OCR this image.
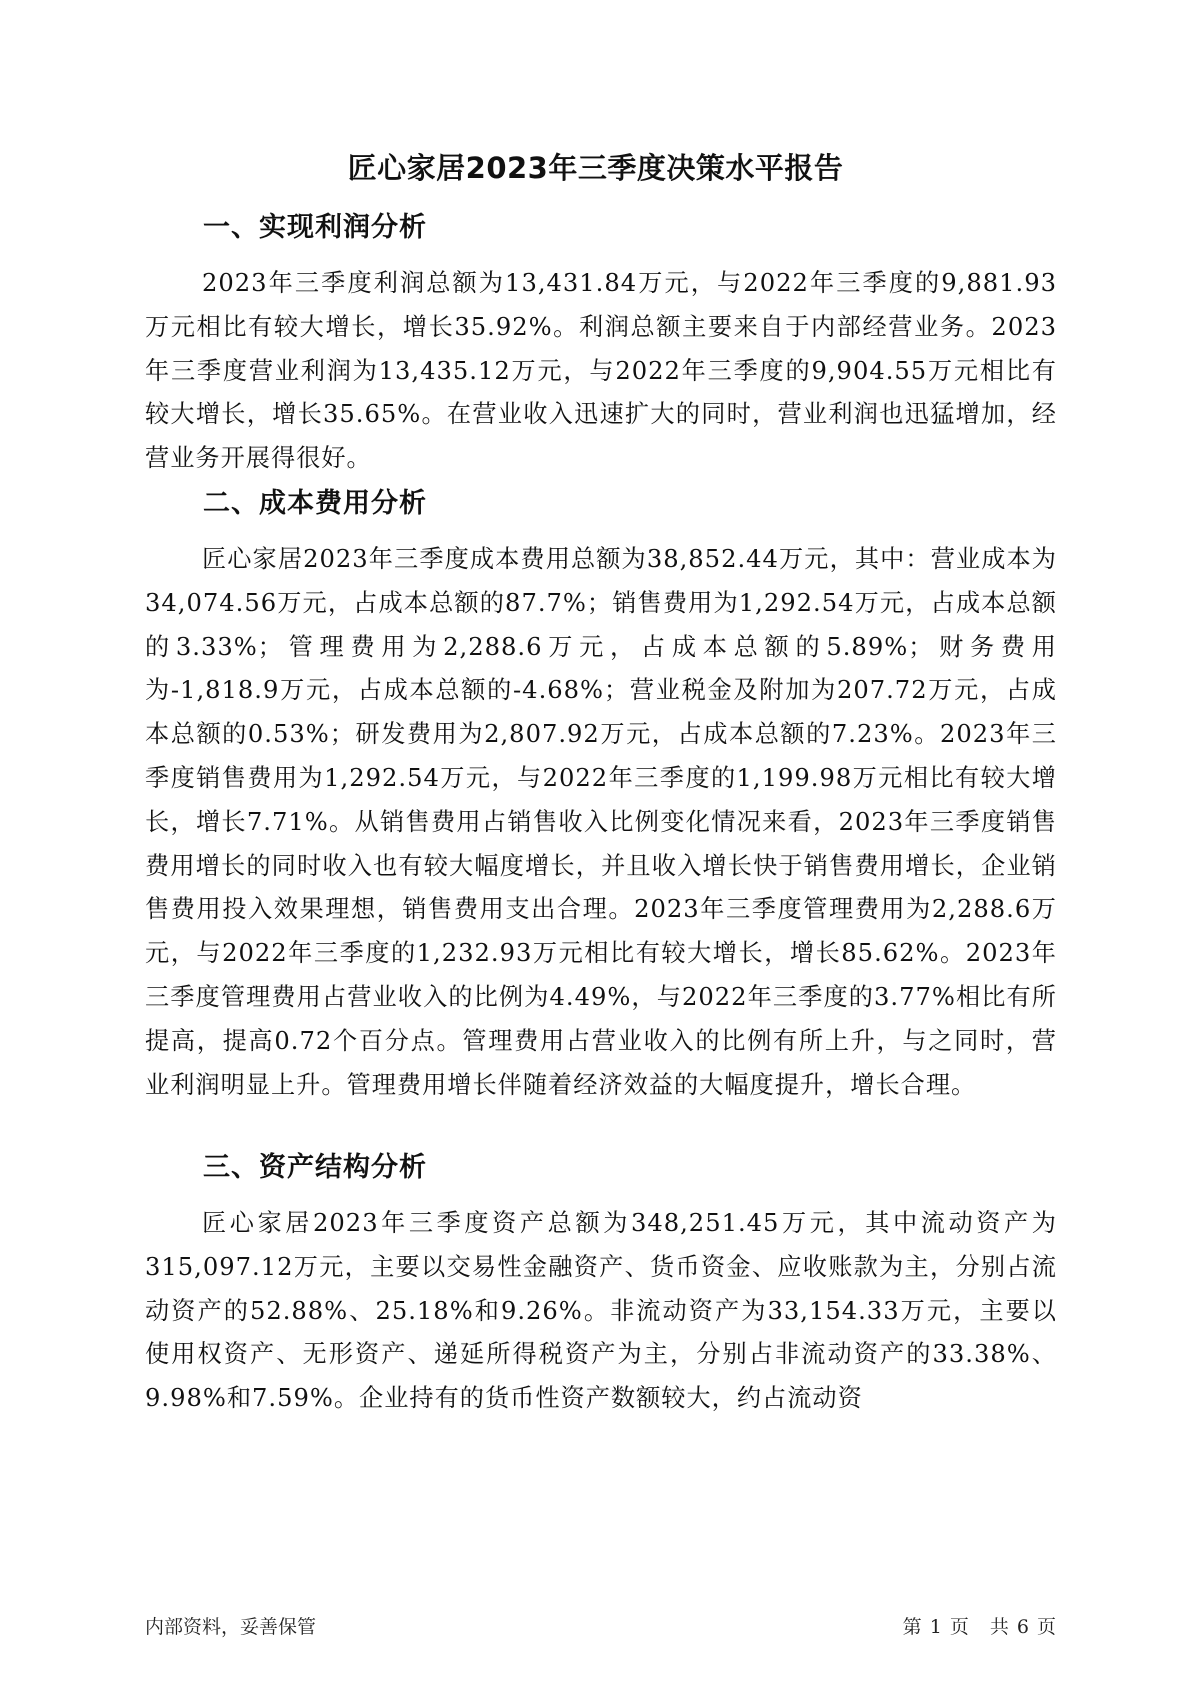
匠心家居2023年三季度决策水平报告
一、实现利润分析

2023年三季度利润总额为13,431.84万元，与2022年三季度的9,881.93万元相比有较大增长，增长35.92%。利润总额主要来自于内部经营业务。2023年三季度营业利润为13,435.12万元，与2022年三季度的9,904.55万元相比有较大增长，增长35.65%。在营业收入迅速扩大的同时，营业利润也迅猛增加，经营业务开展得很好。

二、成本费用分析

匠心家居2023年三季度成本费用总额为38,852.44万元，其中：营业成本为34,074.56万元，占成本总额的87.7%；销售费用为1,292.54万元，占成本总额的3.33%；管理费用为2,288.6万元，占成本总额的5.89%；财务费用为-1,818.9万元，占成本总额的-4.68%；营业税金及附加为207.72万元，占成本总额的0.53%；研发费用为2,807.92万元，占成本总额的7.23%。2023年三季度销售费用为1,292.54万元，与2022年三季度的1,199.98万元相比有较大增长，增长7.71%。从销售费用占销售收入比例变化情况来看，2023年三季度销售费用增长的同时收入也有较大幅度增长，并且收入增长快于销售费用增长，企业销售费用投入效果理想，销售费用支出合理。2023年三季度管理费用为2,288.6万元，与2022年三季度的1,232.93万元相比有较大增长，增长85.62%。2023年三季度管理费用占营业收入的比例为4.49%，与2022年三季度的3.77%相比有所提高，提高0.72个百分点。管理费用占营业收入的比例有所上升，与之同时，营业利润明显上升。管理费用增长伴随着经济效益的大幅度提升，增长合理。

三、资产结构分析

匠心家居2023年三季度资产总额为348,251.45万元，其中流动资产为315,097.12万元，主要以交易性金融资产、货币资金、应收账款为主，分别占流动资产的52.88%、25.18%和9.26%。非流动资产为33,154.33万元，主要以使用权资产、无形资产、递延所得税资产为主，分别占非流动资产的33.38%、9.98%和7.59%。企业持有的货币性资产数额较大，约占流动资

内部资料，妥善保管	第 1 页　共 6 页
